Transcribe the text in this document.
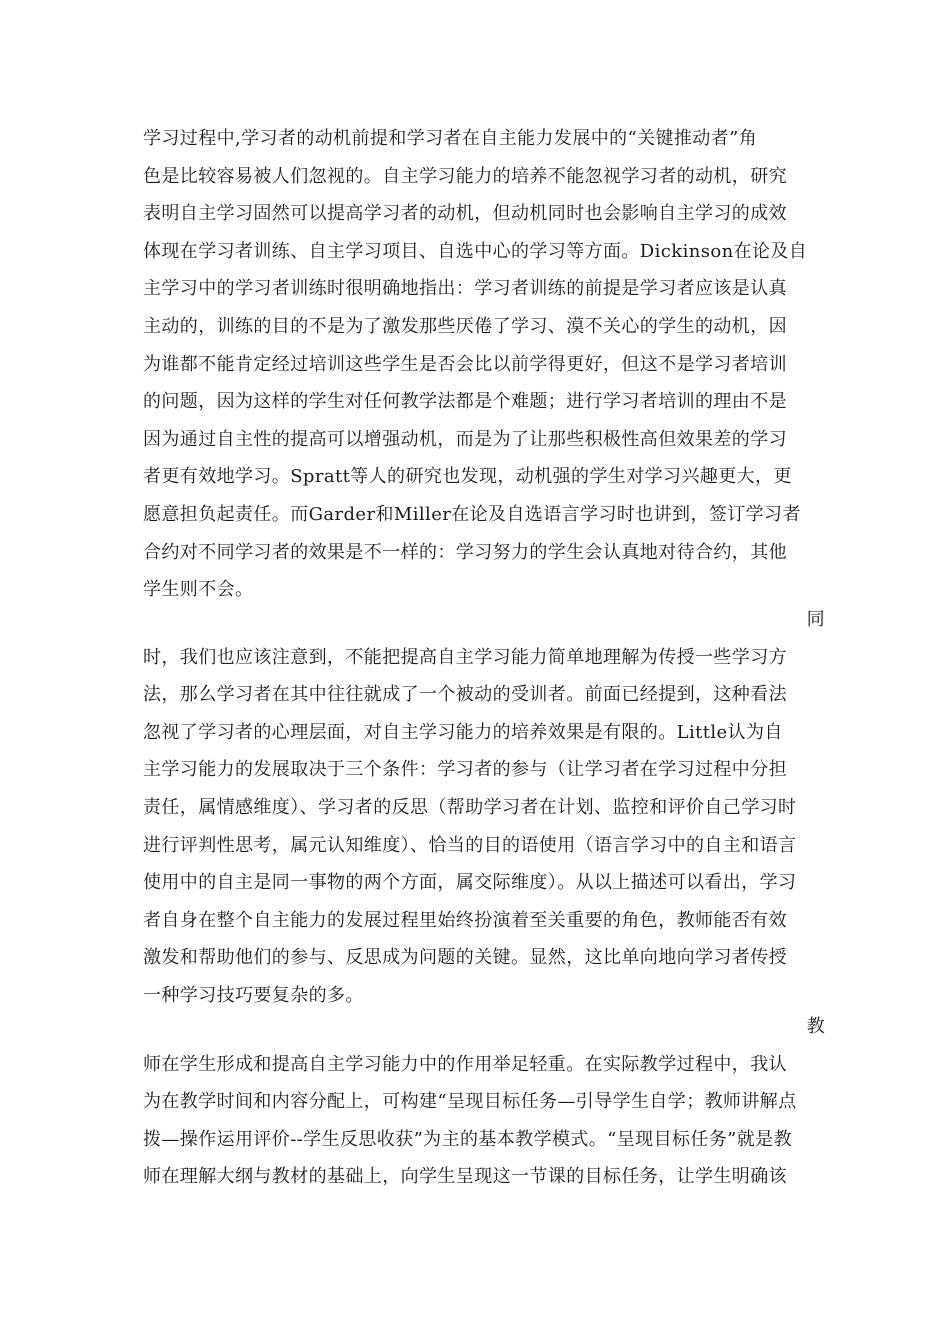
学习过程中,学习者的动机前提和学习者在自主能力发展中的“关键推动者”角
色是比较容易被人们忽视的。自主学习能力的培养不能忽视学习者的动机，研究
表明自主学习固然可以提高学习者的动机，但动机同时也会影响自主学习的成效
体现在学习者训练、自主学习项目、自选中心的学习等方面。Dickinson在论及自
主学习中的学习者训练时很明确地指出：学习者训练的前提是学习者应该是认真
主动的，训练的目的不是为了激发那些厌倦了学习、漠不关心的学生的动机，因
为谁都不能肯定经过培训这些学生是否会比以前学得更好，但这不是学习者培训
的问题，因为这样的学生对任何教学法都是个难题；进行学习者培训的理由不是
因为通过自主性的提高可以增强动机，而是为了让那些积极性高但效果差的学习
者更有效地学习。Spratt等人的研究也发现，动机强的学生对学习兴趣更大，更
愿意担负起责任。而Garder和Miller在论及自选语言学习时也讲到，签订学习者
合约对不同学习者的效果是不一样的：学习努力的学生会认真地对待合约，其他
学生则不会。
同
时，我们也应该注意到，不能把提高自主学习能力简单地理解为传授一些学习方
法，那么学习者在其中往往就成了一个被动的受训者。前面已经提到，这种看法
忽视了学习者的心理层面，对自主学习能力的培养效果是有限的。Little认为自
主学习能力的发展取决于三个条件：学习者的参与（让学习者在学习过程中分担
责任，属情感维度）、学习者的反思（帮助学习者在计划、监控和评价自己学习时
进行评判性思考，属元认知维度）、恰当的目的语使用（语言学习中的自主和语言
使用中的自主是同一事物的两个方面，属交际维度）。从以上描述可以看出，学习
者自身在整个自主能力的发展过程里始终扮演着至关重要的角色，教师能否有效
激发和帮助他们的参与、反思成为问题的关键。显然，这比单向地向学习者传授
一种学习技巧要复杂的多。
教
师在学生形成和提高自主学习能力中的作用举足轻重。在实际教学过程中，我认
为在教学时间和内容分配上，可构建“呈现目标任务—引导学生自学；教师讲解点
拨—操作运用评价--学生反思收获”为主的基本教学模式。“呈现目标任务”就是教
师在理解大纲与教材的基础上，向学生呈现这一节课的目标任务，让学生明确该
